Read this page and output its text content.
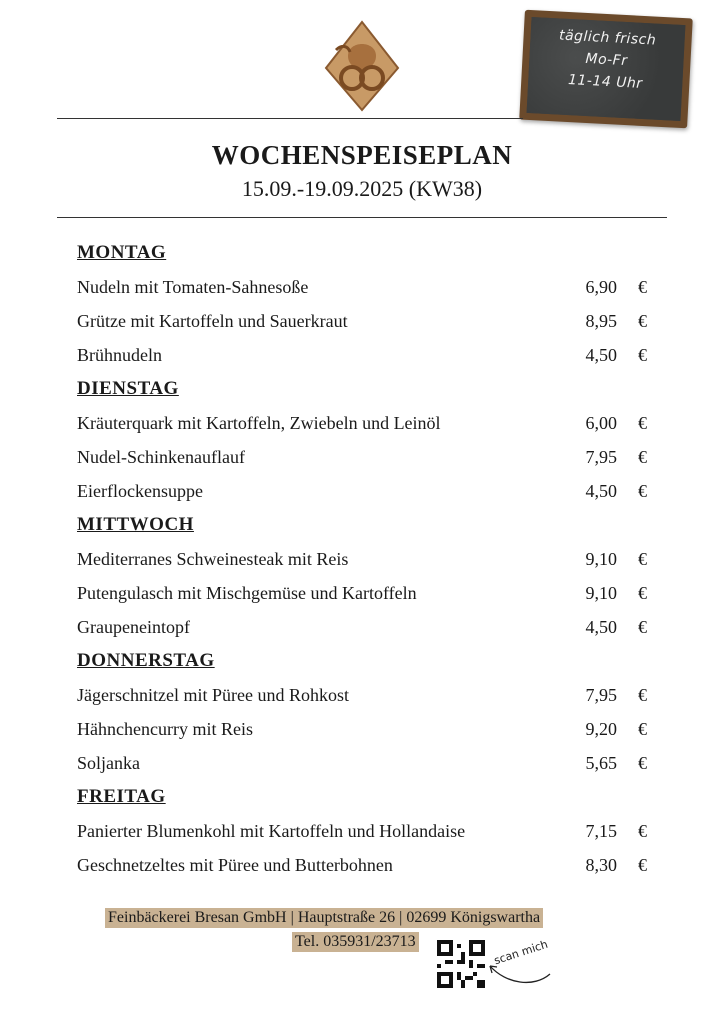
täglich frisch
Mo-Fr
11-14 Uhr
WOCHENSPEISEPLAN
15.09.-19.09.2025 (KW38)
MONTAG
Nudeln mit Tomaten-Sahnesoße	6,90 €
Grütze mit Kartoffeln und Sauerkraut	8,95 €
Brühnudeln	4,50 €
DIENSTAG
Kräuterquark mit Kartoffeln, Zwiebeln und Leinöl	6,00 €
Nudel-Schinkenauflauf	7,95 €
Eierflockensuppe	4,50 €
MITTWOCH
Mediterranes Schweinesteak mit Reis	9,10 €
Putengulasch mit Mischgemüse und Kartoffeln	9,10 €
Graupeneintopf	4,50 €
DONNERSTAG
Jägerschnitzel mit Püree und Rohkost	7,95 €
Hähnchencurry mit Reis	9,20 €
Soljanka	5,65 €
FREITAG
Panierter Blumenkohl mit Kartoffeln und Hollandaise	7,15 €
Geschnetzeltes mit Püree und Butterbohnen	8,30 €
Feinbäckerei Bresan GmbH | Hauptstraße 26 | 02699 Königswartha
Tel. 035931/23713	scan mich
